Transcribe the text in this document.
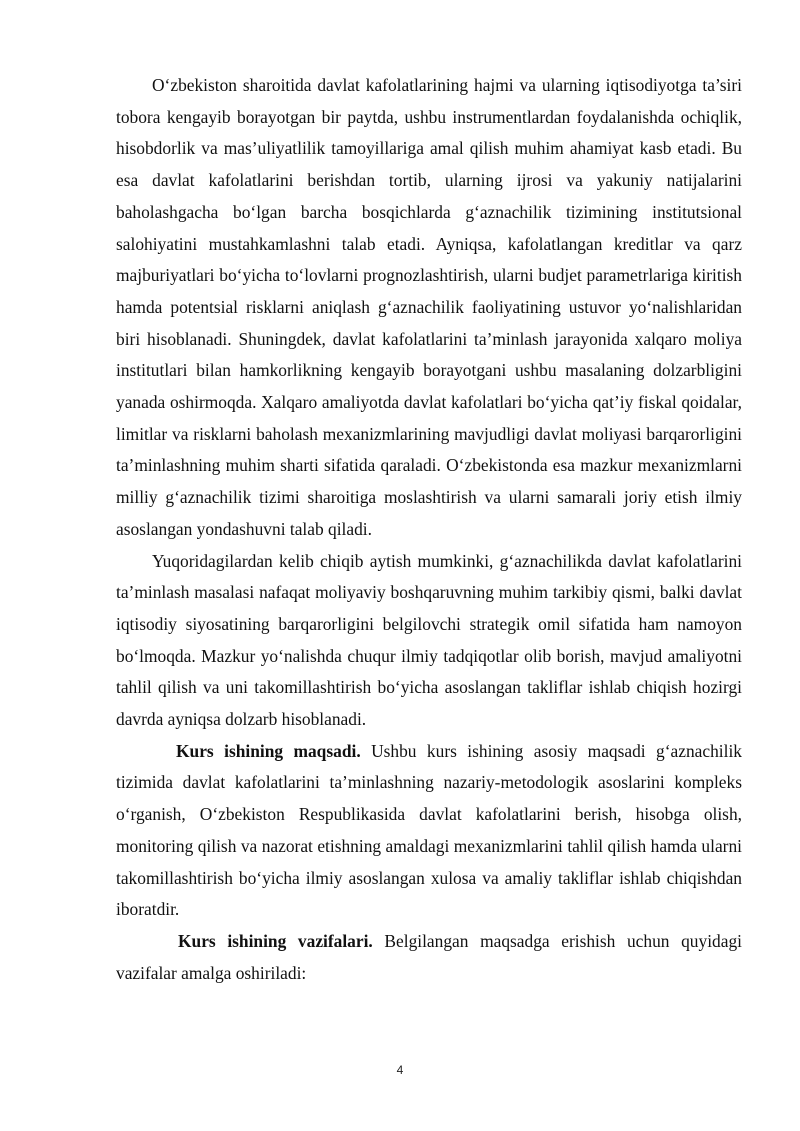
O‘zbekiston sharoitida davlat kafolatlarining hajmi va ularning iqtisodiyotga ta’siri tobora kengayib borayotgan bir paytda, ushbu instrumentlardan foydalanishda ochiqlik, hisobdorlik va mas’uliyatlilik tamoyillariga amal qilish muhim ahamiyat kasb etadi. Bu esa davlat kafolatlarini berishdan tortib, ularning ijrosi va yakuniy natijalarini baholashgacha bo‘lgan barcha bosqichlarda g‘aznachilik tizimining institutsional salohiyatini mustahkamlashni talab etadi. Ayniqsa, kafolatlangan kreditlar va qarz majburiyatlari bo‘yicha to‘lovlarni prognozlashtirish, ularni budjet parametrlariga kiritish hamda potentsial risklarni aniqlash g‘aznachilik faoliyatining ustuvor yo‘nalishlaridan biri hisoblanadi. Shuningdek, davlat kafolatlarini ta’minlash jarayonida xalqaro moliya institutlari bilan hamkorlikning kengayib borayotgani ushbu masalaning dolzarbligini yanada oshirmoqda. Xalqaro amaliyotda davlat kafolatlari bo‘yicha qat’iy fiskal qoidalar, limitlar va risklarni baholash mexanizmlarining mavjudligi davlat moliyasi barqarorligini ta’minlashning muhim sharti sifatida qaraladi. O‘zbekistonda esa mazkur mexanizmlarni milliy g‘aznachilik tizimi sharoitiga moslashtirish va ularni samarali joriy etish ilmiy asoslangan yondashuvni talab qiladi.

Yuqoridagilardan kelib chiqib aytish mumkinki, g‘aznachilikda davlat kafolatlarini ta’minlash masalasi nafaqat moliyaviy boshqaruvning muhim tarkibiy qismi, balki davlat iqtisodiy siyosatining barqarorligini belgilovchi strategik omil sifatida ham namoyon bo‘lmoqda. Mazkur yo‘nalishda chuqur ilmiy tadqiqotlar olib borish, mavjud amaliyotni tahlil qilish va uni takomillashtirish bo‘yicha asoslangan takliflar ishlab chiqish hozirgi davrda ayniqsa dolzarb hisoblanadi.

Kurs ishining maqsadi. Ushbu kurs ishining asosiy maqsadi g‘aznachilik tizimida davlat kafolatlarini ta’minlashning nazariy-metodologik asoslarini kompleks o‘rganish, O‘zbekiston Respublikasida davlat kafolatlarini berish, hisobga olish, monitoring qilish va nazorat etishning amaldagi mexanizmlarini tahlil qilish hamda ularni takomillashtirish bo‘yicha ilmiy asoslangan xulosa va amaliy takliflar ishlab chiqishdan iboratdir.

Kurs ishining vazifalari. Belgilangan maqsadga erishish uchun quyidagi vazifalar amalga oshiriladi:

4
